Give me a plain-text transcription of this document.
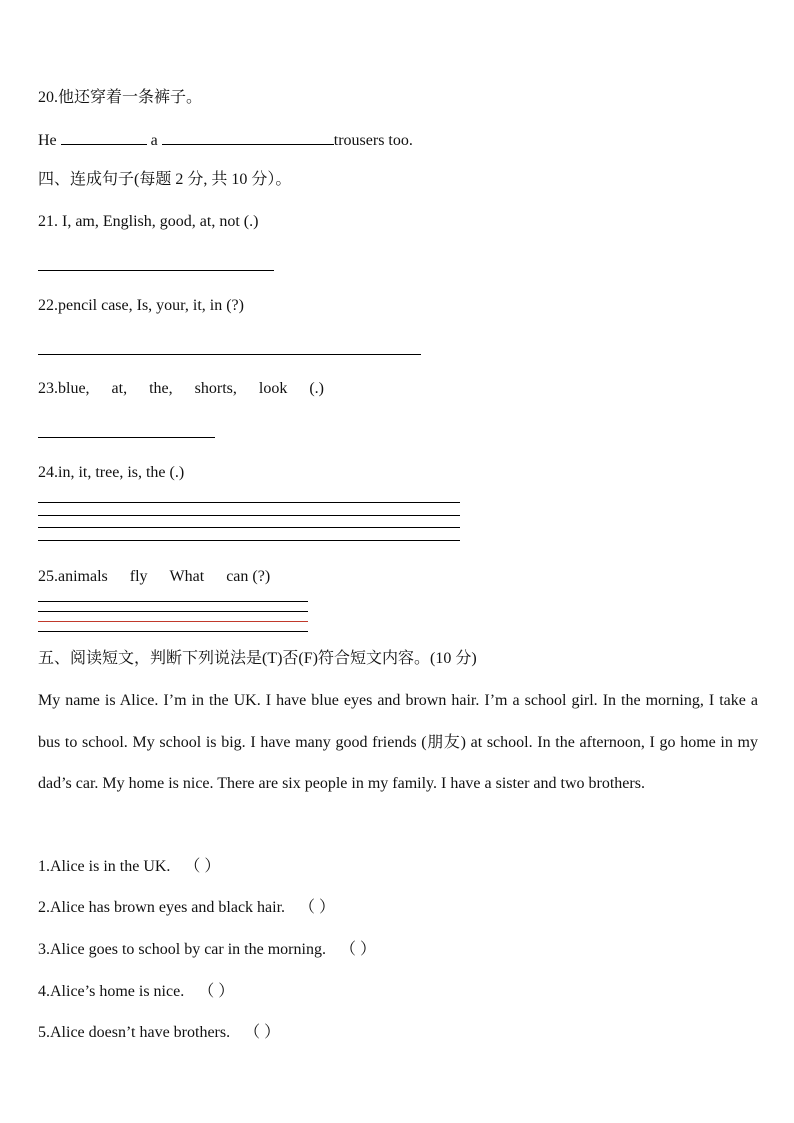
20.他还穿着一条裤子。
He	a	trousers too.
四、连成句子(每题 2 分, 共 10 分）。
21. I, am, English, good, at, not (.)
22.pencil case, Is, your, it, in (?)
23.blue, at, the, shorts, look (.)
24.in, it, tree, is, the (.)
25.animals fly What can (?)
五、阅读短文，判断下列说法是(T)否(F)符合短文内容。(10 分)
My name is Alice. I’m in the UK. I have blue eyes and brown hair. I’m a school girl. In the morning, I take a bus to school. My school is big. I have many good friends (朋友) at school. In the afternoon, I go home in my dad’s car. My home is nice. There are six people in my family. I have a sister and two brothers.
1.Alice is in the UK. （ ）
2.Alice has brown eyes and black hair. （ ）
3.Alice goes to school by car in the morning. （ ）
4.Alice’s home is nice. （ ）
5.Alice doesn’t have brothers. （ ）
